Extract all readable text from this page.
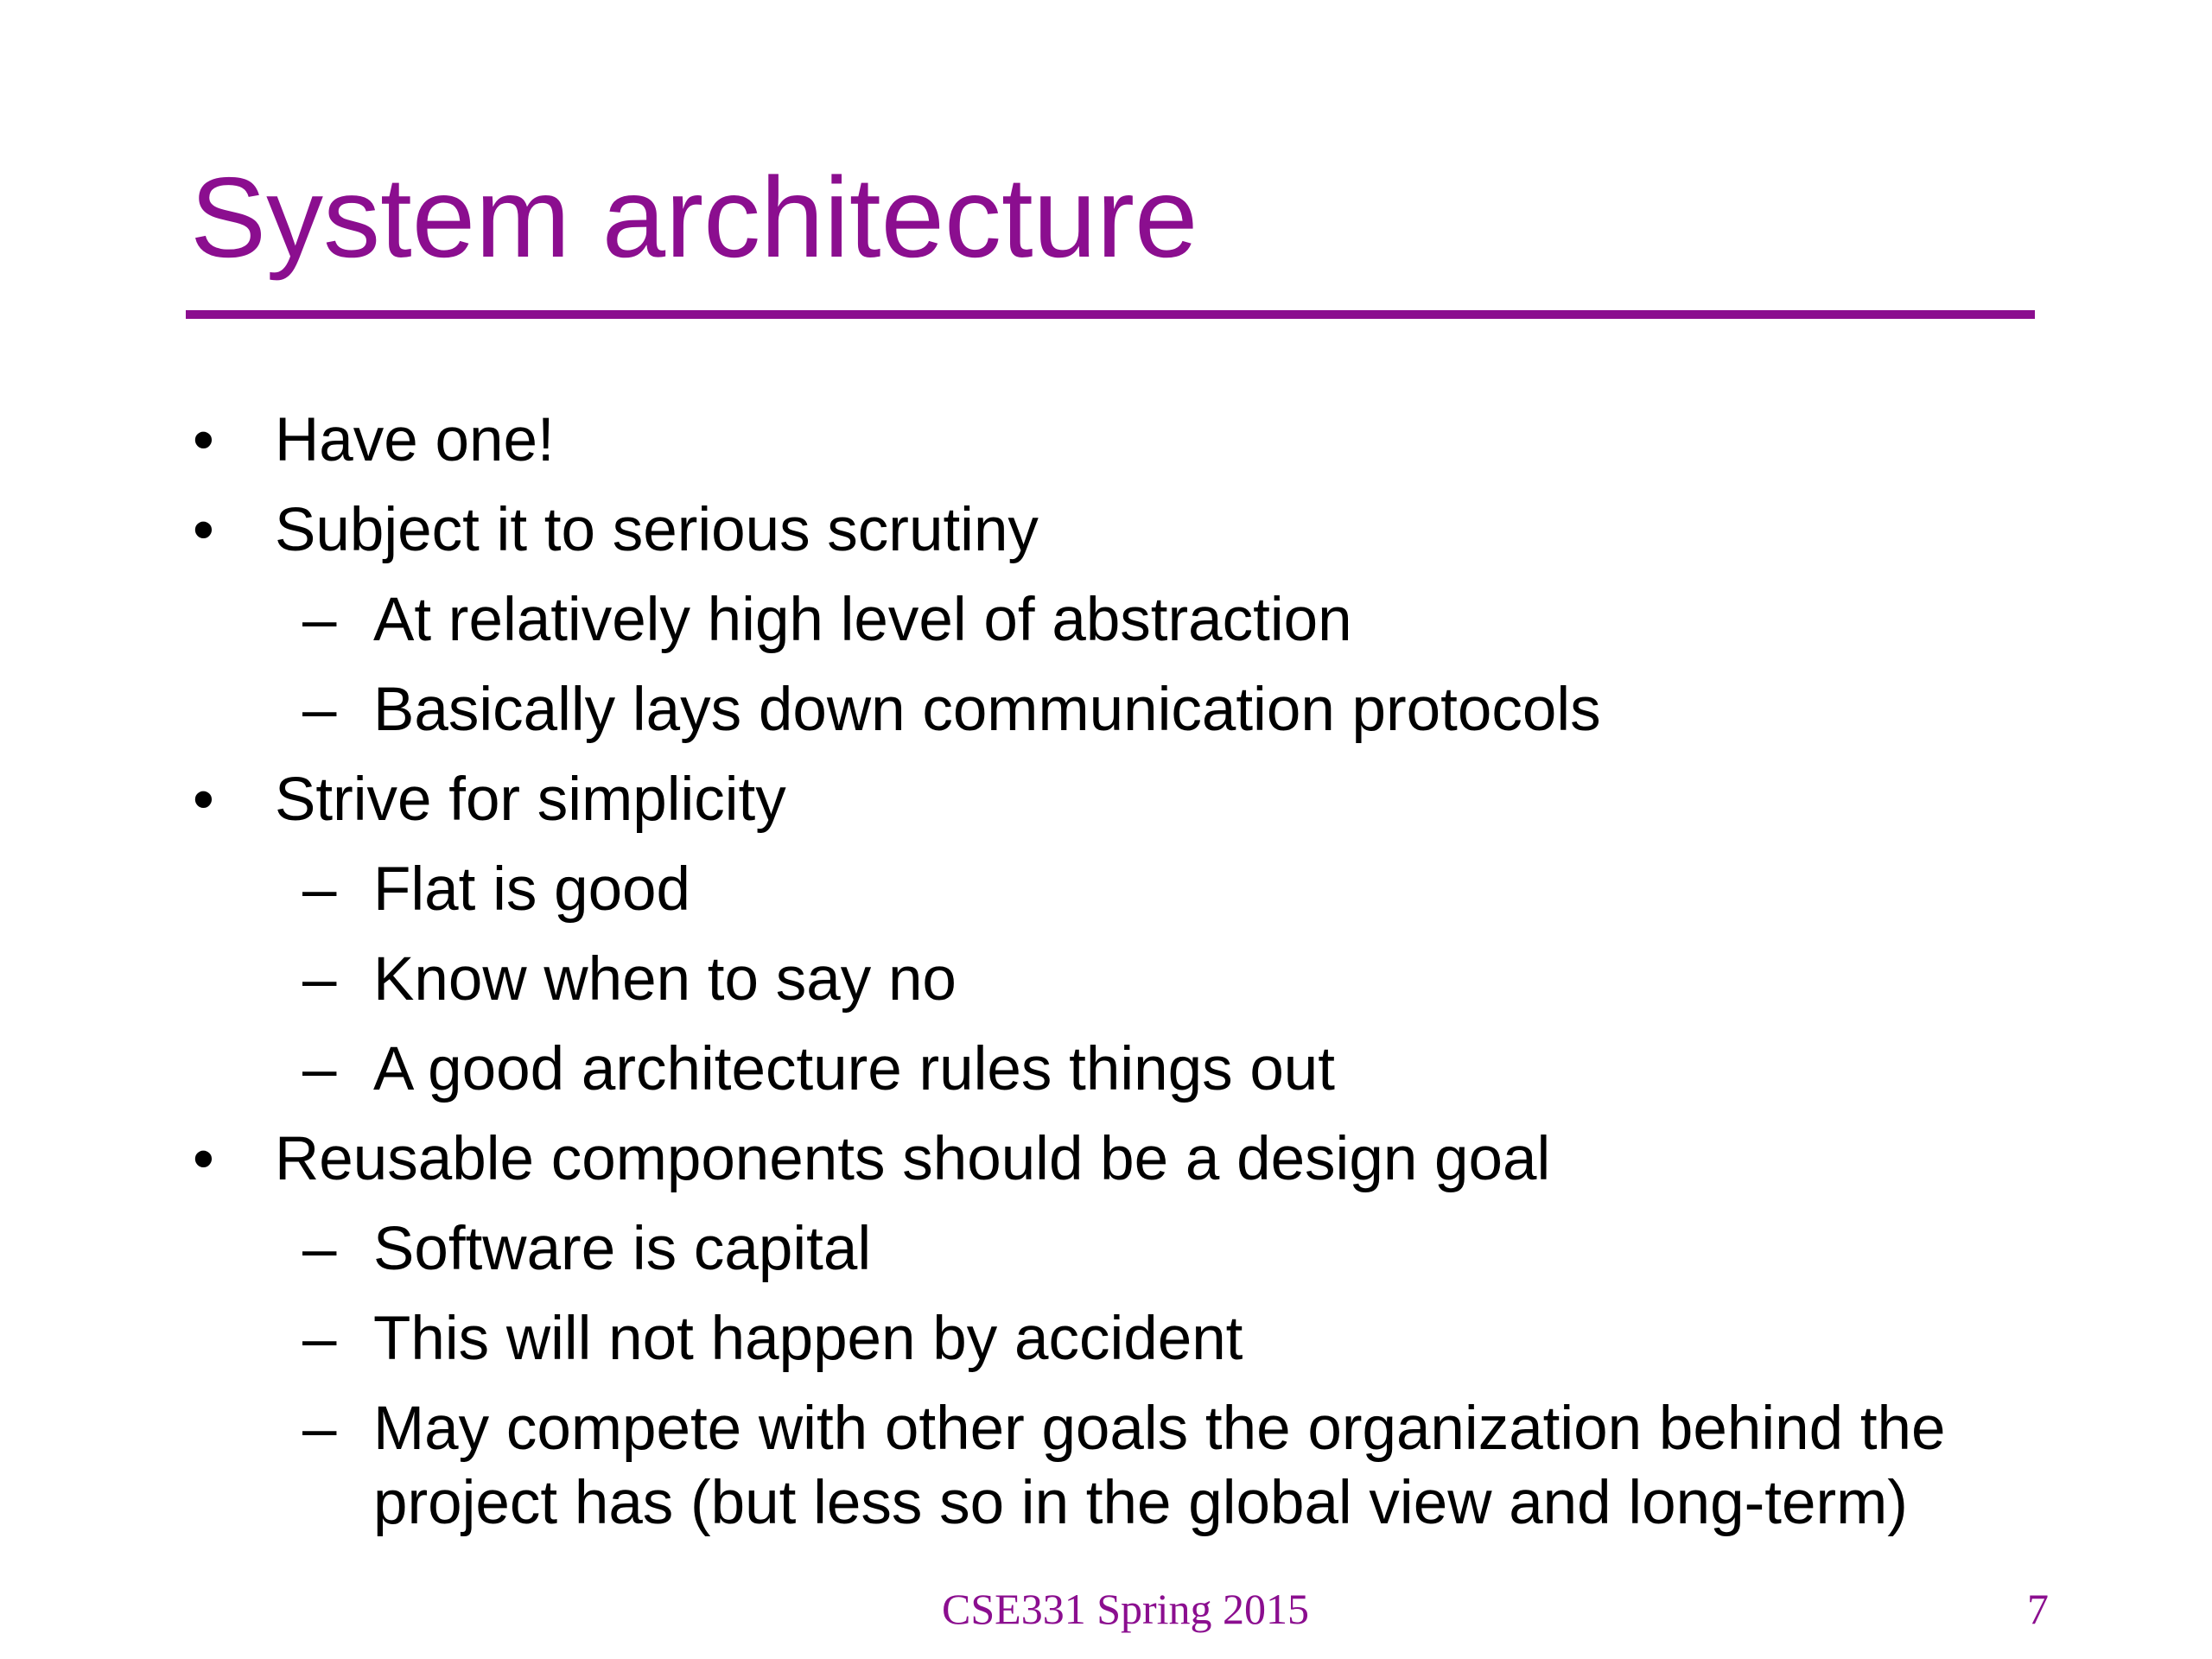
System architecture
• Have one!
• Subject it to serious scrutiny
– At relatively high level of abstraction
– Basically lays down communication protocols
• Strive for simplicity
– Flat is good
– Know when to say no
– A good architecture rules things out
• Reusable components should be a design goal
– Software is capital
– This will not happen by accident
– May compete with other goals the organization behind the
project has (but less so in the global view and long-term)
CSE331 Spring 2015	7
